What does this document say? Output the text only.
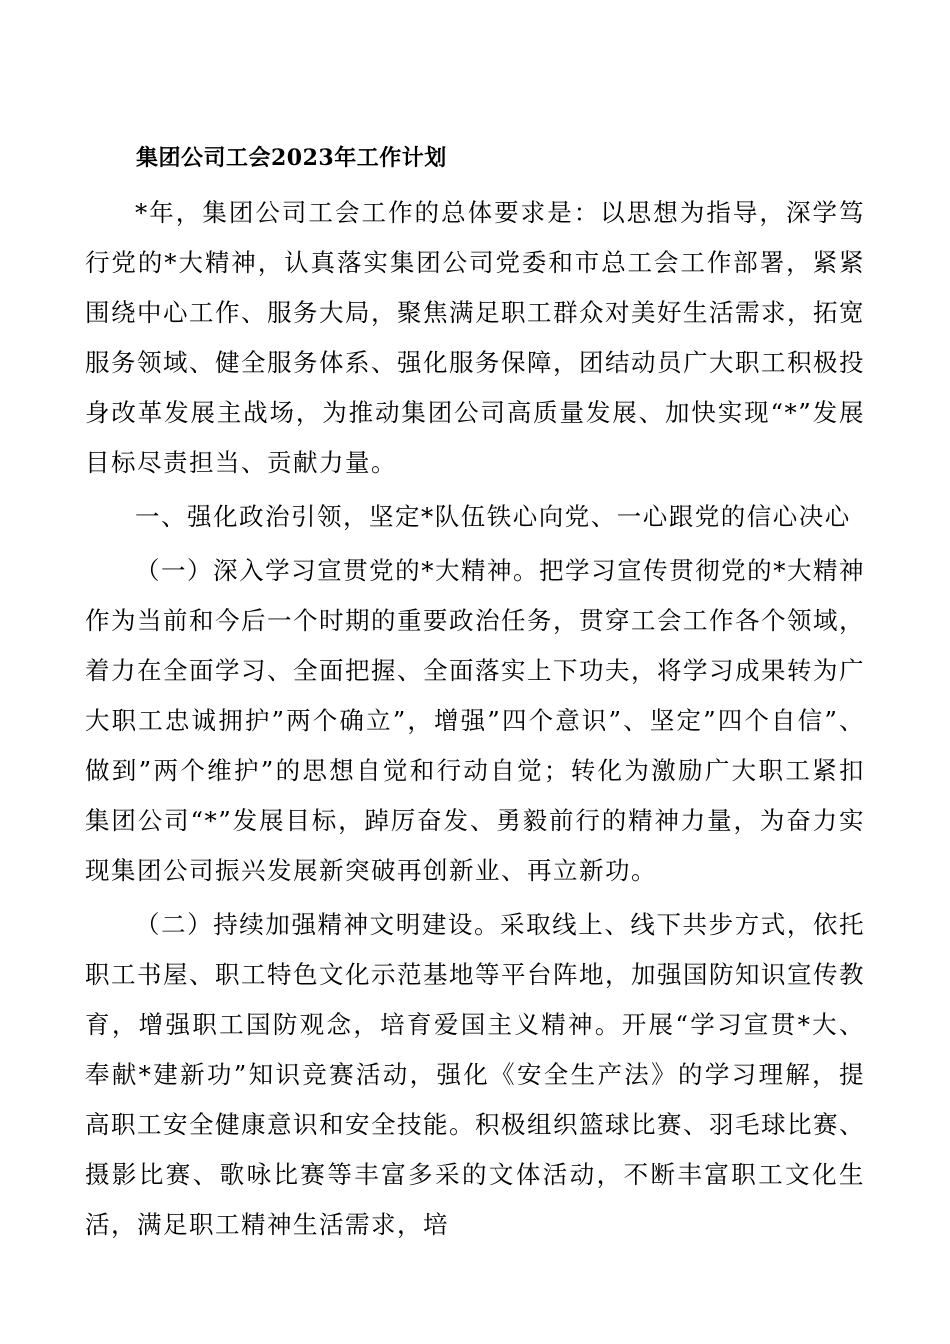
集团公司工会2023年工作计划

*年，集团公司工会工作的总体要求是：以思想为指导，深学笃行党的*大精神，认真落实集团公司党委和市总工会工作部署，紧紧围绕中心工作、服务大局，聚焦满足职工群众对美好生活需求，拓宽服务领域、健全服务体系、强化服务保障，团结动员广大职工积极投身改革发展主战场，为推动集团公司高质量发展、加快实现“*”发展目标尽责担当、贡献力量。

一、强化政治引领，坚定*队伍铁心向党、一心跟党的信心决心

（一）深入学习宣贯党的*大精神。把学习宣传贯彻党的*大精神作为当前和今后一个时期的重要政治任务，贯穿工会工作各个领域，着力在全面学习、全面把握、全面落实上下功夫，将学习成果转为广大职工忠诚拥护”两个确立”，增强”四个意识”、坚定”四个自信”、做到”两个维护”的思想自觉和行动自觉；转化为激励广大职工紧扣集团公司“*”发展目标，踔厉奋发、勇毅前行的精神力量，为奋力实现集团公司振兴发展新突破再创新业、再立新功。

（二）持续加强精神文明建设。采取线上、线下共步方式，依托职工书屋、职工特色文化示范基地等平台阵地，加强国防知识宣传教育，增强职工国防观念，培育爱国主义精神。开展“学习宣贯*大、奉献*建新功”知识竞赛活动，强化《安全生产法》的学习理解，提高职工安全健康意识和安全技能。积极组织篮球比赛、羽毛球比赛、摄影比赛、歌咏比赛等丰富多采的文体活动，不断丰富职工文化生活，满足职工精神生活需求，培
